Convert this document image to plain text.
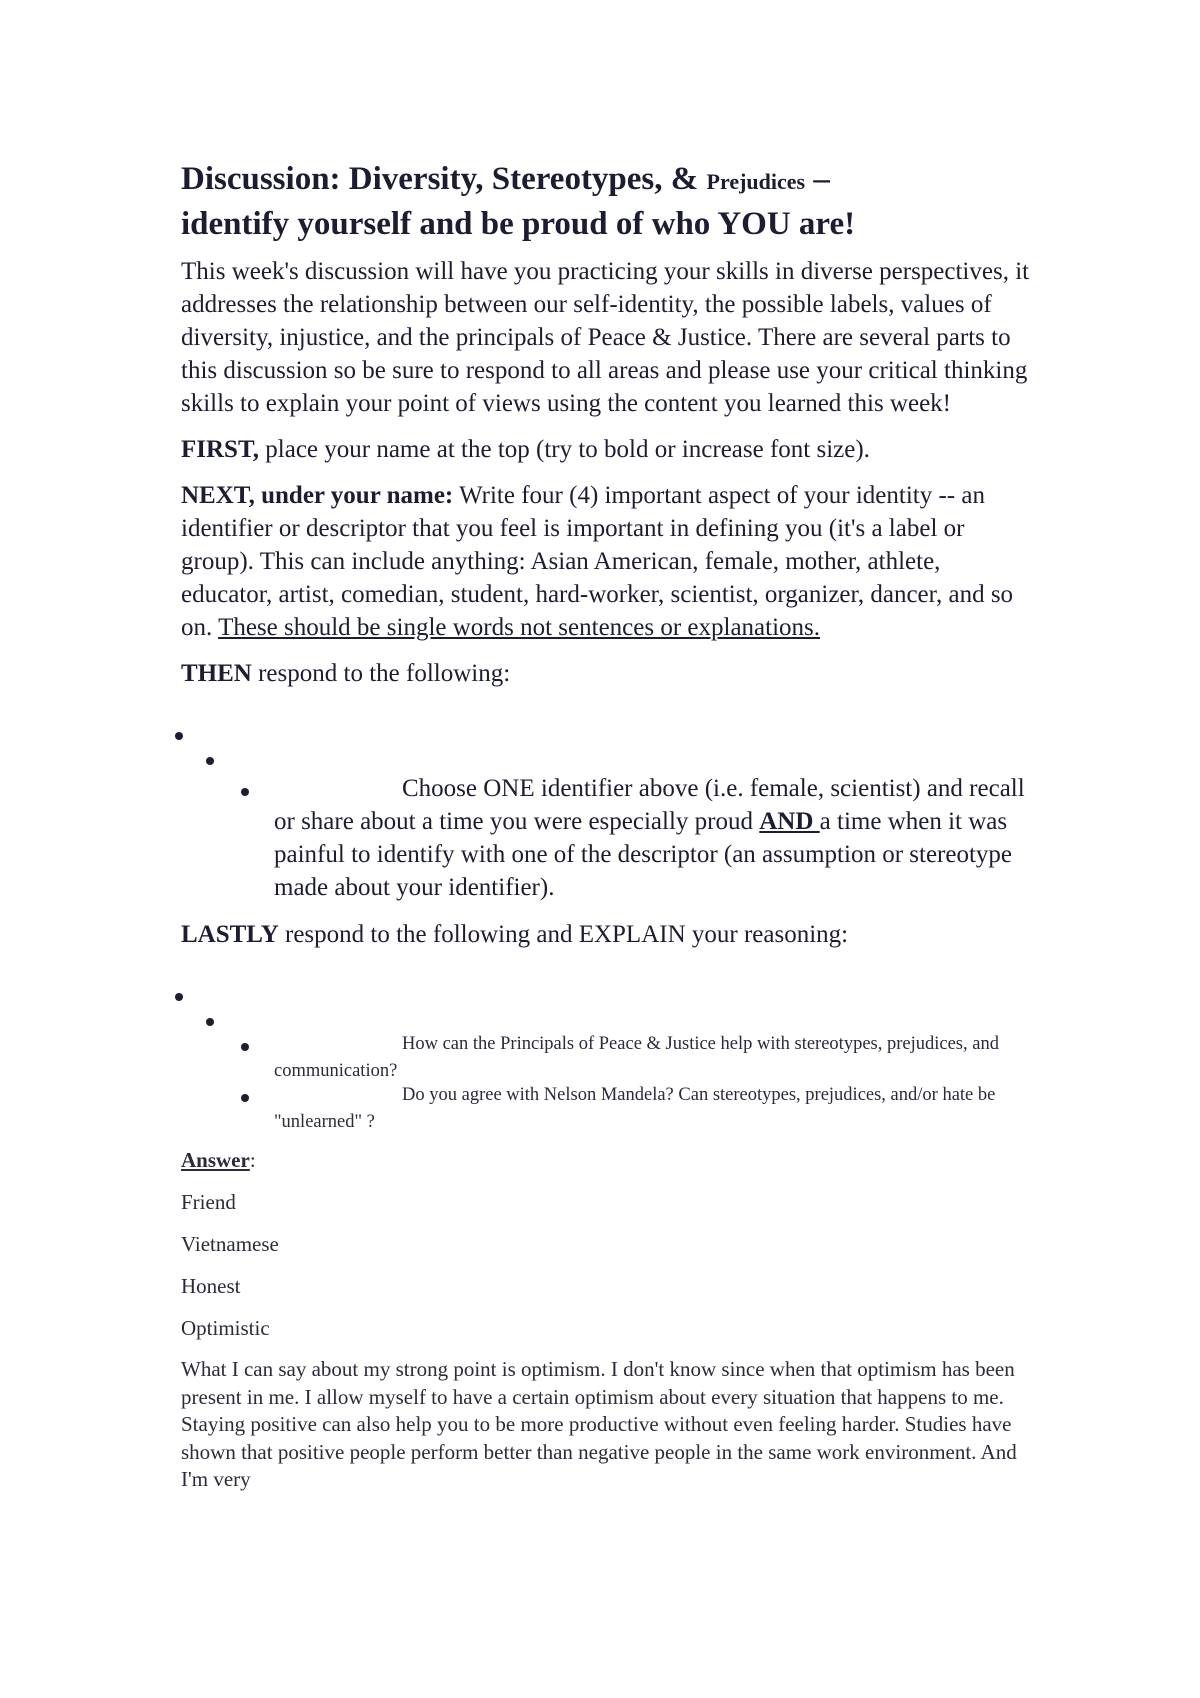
Discussion: Diversity, Stereotypes, & Prejudices –
identify yourself and be proud of who YOU are!

This week's discussion will have you practicing your skills in diverse perspectives, it addresses the relationship between our self-identity, the possible labels, values of diversity, injustice, and the principals of Peace & Justice. There are several parts to this discussion so be sure to respond to all areas and please use your critical thinking skills to explain your point of views using the content you learned this week!

FIRST, place your name at the top (try to bold or increase font size).

NEXT, under your name: Write four (4) important aspect of your identity -- an identifier or descriptor that you feel is important in defining you (it's a label or group). This can include anything: Asian American, female, mother, athlete, educator, artist, comedian, student, hard-worker, scientist, organizer, dancer, and so on. These should be single words not sentences or explanations.

THEN respond to the following:

Choose ONE identifier above (i.e. female, scientist) and recall or share about a time you were especially proud AND a time when it was painful to identify with one of the descriptor (an assumption or stereotype made about your identifier).

LASTLY respond to the following and EXPLAIN your reasoning:

How can the Principals of Peace & Justice help with stereotypes, prejudices, and communication?
Do you agree with Nelson Mandela? Can stereotypes, prejudices, and/or hate be "unlearned" ?

Answer:

Friend

Vietnamese

Honest

Optimistic

What I can say about my strong point is optimism. I don't know since when that optimism has been present in me. I allow myself to have a certain optimism about every situation that happens to me. Staying positive can also help you to be more productive without even feeling harder. Studies have shown that positive people perform better than negative people in the same work environment. And I'm very
